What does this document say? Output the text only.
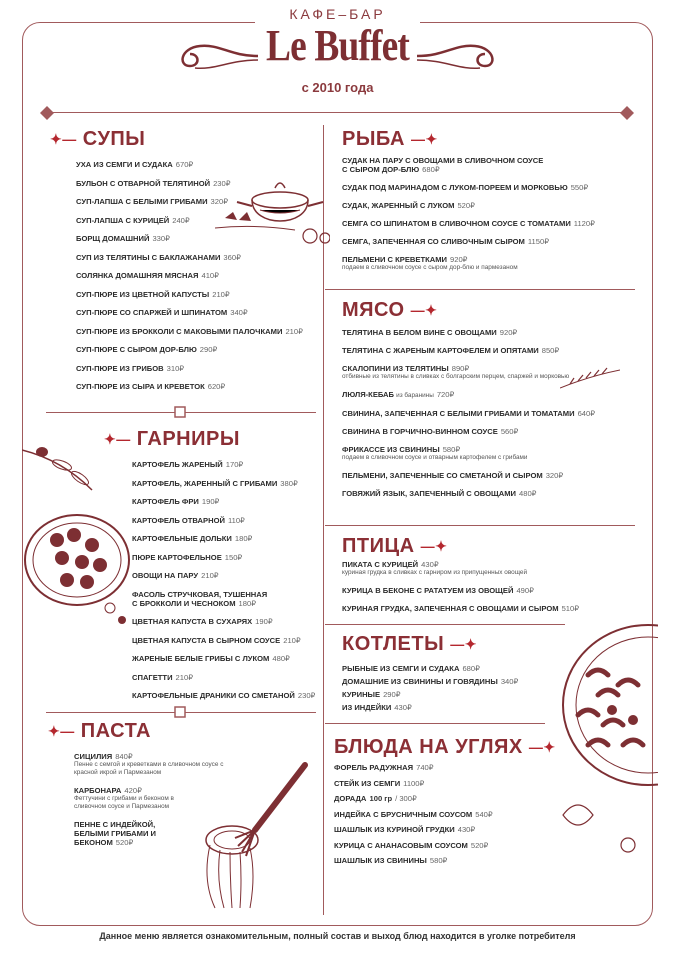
КАФЕ–БАР
Le Buffet
с 2010 года
✦— СУПЫ
УХА ИЗ СЕМГИ И СУДАКА 670₽
БУЛЬОН С ОТВАРНОЙ ТЕЛЯТИНОЙ 230₽
СУП-ЛАПША С БЕЛЫМИ ГРИБАМИ 320₽
СУП-ЛАПША С КУРИЦЕЙ 240₽
БОРЩ ДОМАШНИЙ 330₽
СУП ИЗ ТЕЛЯТИНЫ С БАКЛАЖАНАМИ 360₽
СОЛЯНКА ДОМАШНЯЯ МЯСНАЯ 410₽
СУП-ПЮРЕ ИЗ ЦВЕТНОЙ КАПУСТЫ 210₽
СУП-ПЮРЕ СО СПАРЖЕЙ И ШПИНАТОМ 340₽
СУП-ПЮРЕ ИЗ БРОККОЛИ С МАКОВЫМИ ПАЛОЧКАМИ 210₽
СУП-ПЮРЕ С СЫРОМ ДОР-БЛЮ 290₽
СУП-ПЮРЕ ИЗ ГРИБОВ 310₽
СУП-ПЮРЕ ИЗ СЫРА И КРЕВЕТОК 620₽
✦— ГАРНИРЫ
КАРТОФЕЛЬ ЖАРЕНЫЙ 170₽
КАРТОФЕЛЬ, ЖАРЕННЫЙ С ГРИБАМИ 380₽
КАРТОФЕЛЬ ФРИ 190₽
КАРТОФЕЛЬ ОТВАРНОЙ 110₽
КАРТОФЕЛЬНЫЕ ДОЛЬКИ 180₽
ПЮРЕ КАРТОФЕЛЬНОЕ 150₽
ОВОЩИ НА ПАРУ 210₽
ФАСОЛЬ СТРУЧКОВАЯ, ТУШЕННАЯ
С БРОККОЛИ И ЧЕСНОКОМ 180₽
ЦВЕТНАЯ КАПУСТА В СУХАРЯХ 190₽
ЦВЕТНАЯ КАПУСТА В СЫРНОМ СОУСЕ 210₽
ЖАРЕНЫЕ БЕЛЫЕ ГРИБЫ С ЛУКОМ 480₽
СПАГЕТТИ 210₽
КАРТОФЕЛЬНЫЕ ДРАНИКИ СО СМЕТАНОЙ 230₽
✦— ПАСТА
СИЦИЛИЯ 840₽
Пенне с семгой и креветками в сливочном соусе с красной икрой и Пармезаном
КАРБОНАРА 420₽
Феттучини с грибами и беконом в сливочном соусе и Пармезаном
ПЕННЕ С ИНДЕЙКОЙ, БЕЛЫМИ ГРИБАМИ И БЕКОНОМ 520₽
РЫБА —✦
СУДАК НА ПАРУ С ОВОЩАМИ В СЛИВОЧНОМ СОУСЕ
С СЫРОМ ДОР-БЛЮ 680₽
СУДАК ПОД МАРИНАДОМ С ЛУКОМ-ПОРЕЕМ И МОРКОВЬЮ 550₽
СУДАК, ЖАРЕННЫЙ С ЛУКОМ 520₽
СЕМГА СО ШПИНАТОМ В СЛИВОЧНОМ СОУСЕ С ТОМАТАМИ 1120₽
СЕМГА, ЗАПЕЧЕННАЯ СО СЛИВОЧНЫМ СЫРОМ 1150₽
ПЕЛЬМЕНИ С КРЕВЕТКАМИ 920₽
подаем в сливочном соусе с сыром дор-блю и пармезаном
МЯСО —✦
ТЕЛЯТИНА В БЕЛОМ ВИНЕ С ОВОЩАМИ 920₽
ТЕЛЯТИНА С ЖАРЕНЫМ КАРТОФЕЛЕМ И ОПЯТАМИ 850₽
СКАЛОПИНИ ИЗ ТЕЛЯТИНЫ 890₽
отбивные из телятины в сливках с болгарским перцем, спаржей и морковью
ЛЮЛЯ-КЕБАБ из баранины 720₽
СВИНИНА, ЗАПЕЧЕННАЯ С БЕЛЫМИ ГРИБАМИ И ТОМАТАМИ 640₽
СВИНИНА В ГОРЧИЧНО-ВИННОМ СОУСЕ 560₽
ФРИКАССЕ ИЗ СВИНИНЫ 580₽
подаем в сливочном соусе и отварным картофелем с грибами
ПЕЛЬМЕНИ, ЗАПЕЧЕННЫЕ СО СМЕТАНОЙ И СЫРОМ 320₽
ГОВЯЖИЙ ЯЗЫК, ЗАПЕЧЕННЫЙ С ОВОЩАМИ 480₽
ПТИЦА —✦
ПИКАТА С КУРИЦЕЙ 430₽
куриная грудка в сливках с гарниром из припущенных овощей
КУРИЦА В БЕКОНЕ С РАТАТУЕМ ИЗ ОВОЩЕЙ 490₽
КУРИНАЯ ГРУДКА, ЗАПЕЧЕННАЯ С ОВОЩАМИ И СЫРОМ 510₽
КОТЛЕТЫ —✦
РЫБНЫЕ ИЗ СЕМГИ И СУДАКА 680₽
ДОМАШНИЕ ИЗ СВИНИНЫ И ГОВЯДИНЫ 340₽
КУРИНЫЕ 290₽
ИЗ ИНДЕЙКИ 430₽
БЛЮДА НА УГЛЯХ —✦
ФОРЕЛЬ РАДУЖНАЯ 740₽
СТЕЙК ИЗ СЕМГИ 1100₽
ДОРАДА 100 гр / 300₽
ИНДЕЙКА С БРУСНИЧНЫМ СОУСОМ 540₽
ШАШЛЫК ИЗ КУРИНОЙ ГРУДКИ 430₽
КУРИЦА С АНАНАСОВЫМ СОУСОМ 520₽
ШАШЛЫК ИЗ СВИНИНЫ 580₽
Данное меню является ознакомительным, полный состав и выход блюд находится в уголке потребителя
